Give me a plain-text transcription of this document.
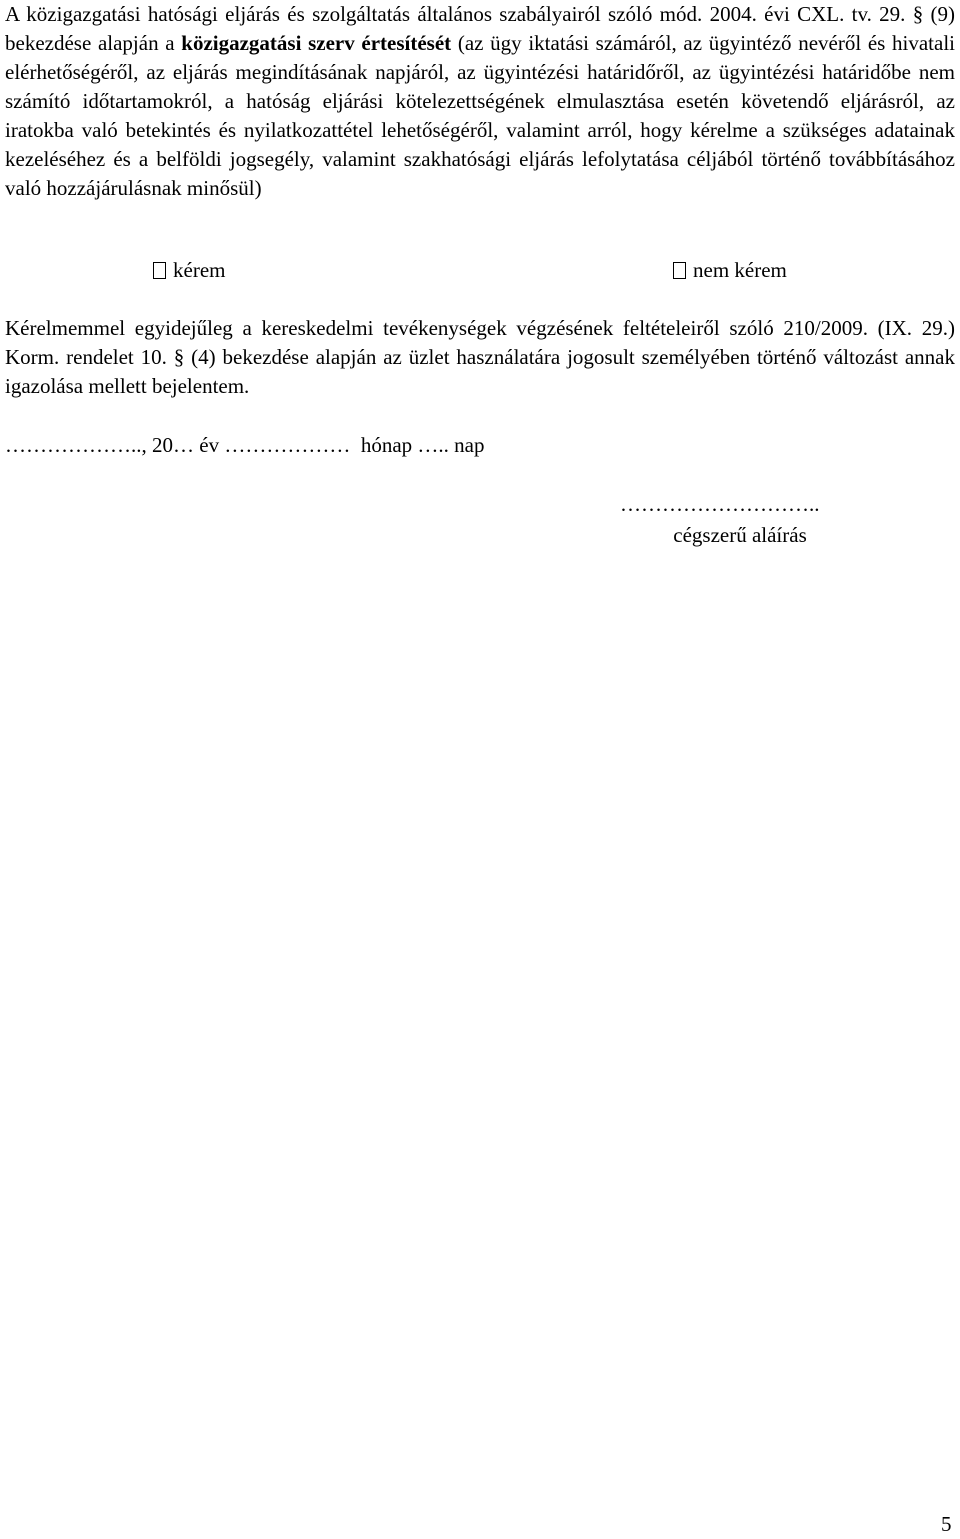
A közigazgatási hatósági eljárás és szolgáltatás általános szabályairól szóló mód. 2004. évi CXL. tv. 29. § (9) bekezdése alapján a közigazgatási szerv értesítését (az ügy iktatási számáról, az ügyintéző nevéről és hivatali elérhetőségéről, az eljárás megindításának napjáról, az ügyintézési határidőről, az ügyintézési határidőbe nem számító időtartamokról, a hatóság eljárási kötelezettségének elmulasztása esetén követendő eljárásról, az iratokba való betekintés és nyilatkozattétel lehetőségéről, valamint arról, hogy kérelme a szükséges adatainak kezeléséhez és a belföldi jogsegély, valamint szakhatósági eljárás lefolytatása céljából történő továbbításához való hozzájárulásnak minősül)

kérem	nem kérem

Kérelmemmel egyidejűleg a kereskedelmi tevékenységek végzésének feltételeiről szóló 210/2009. (IX. 29.) Korm. rendelet 10. § (4) bekezdése alapján az üzlet használatára jogosult személyében történő változást annak igazolása mellett bejelentem.

……………….., 20… év ………………  hónap ….. nap
………………………..
cégszerű aláírás
5
